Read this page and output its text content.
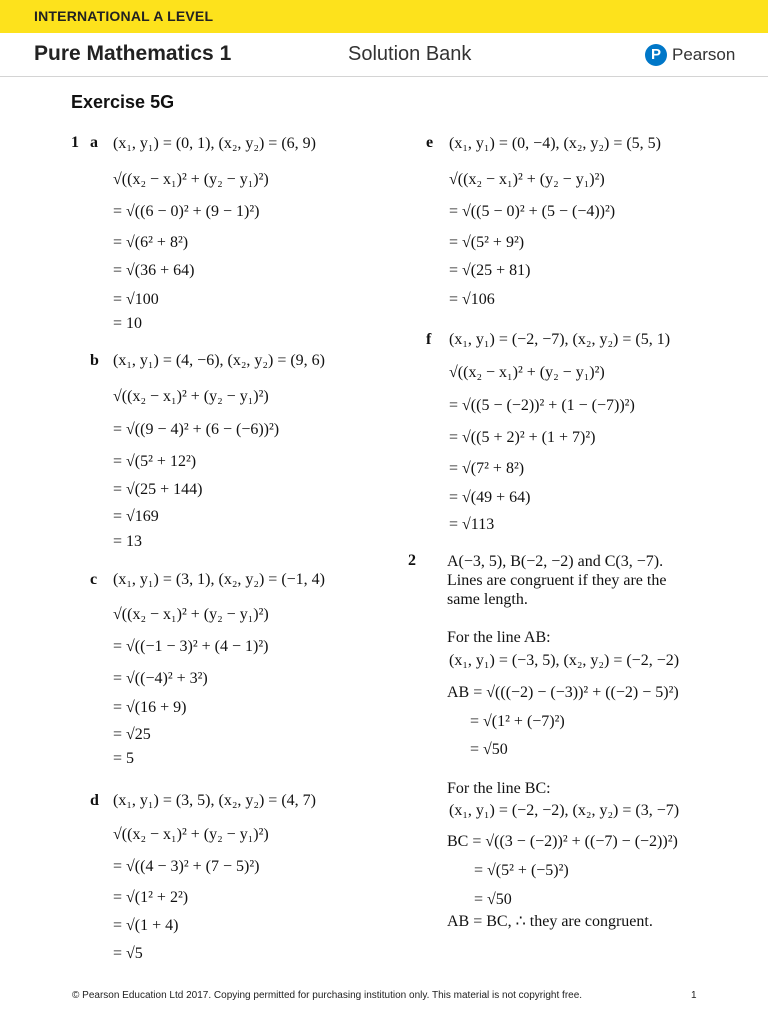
INTERNATIONAL A LEVEL
Pure Mathematics 1	Solution Bank	P Pearson
Exercise 5G
1 a (x₁, y₁) = (0, 1), (x₂, y₂) = (6, 9)
√((x₂ − x₁)² + (y₂ − y₁)²)
= √((6 − 0)² + (9 − 1)²)
= √(6² + 8²)
= √(36 + 64)
= √100
= 10
b (x₁, y₁) = (4, −6), (x₂, y₂) = (9, 6)
√((x₂ − x₁)² + (y₂ − y₁)²)
= √((9 − 4)² + (6 − (−6))²)
= √(5² + 12²)
= √(25 + 144)
= √169
= 13
c (x₁, y₁) = (3, 1), (x₂, y₂) = (−1, 4)
√((x₂ − x₁)² + (y₂ − y₁)²)
= √((−1 − 3)² + (4 − 1)²)
= √((−4)² + 3²)
= √(16 + 9)
= √25
= 5
d (x₁, y₁) = (3, 5), (x₂, y₂) = (4, 7)
√((x₂ − x₁)² + (y₂ − y₁)²)
= √((4 − 3)² + (7 − 5)²)
= √(1² + 2²)
= √(1 + 4)
= √5
e (x₁, y₁) = (0, −4), (x₂, y₂) = (5, 5)
√((x₂ − x₁)² + (y₂ − y₁)²)
= √((5 − 0)² + (5 − (−4))²)
= √(5² + 9²)
= √(25 + 81)
= √106
f (x₁, y₁) = (−2, −7), (x₂, y₂) = (5, 1)
√((x₂ − x₁)² + (y₂ − y₁)²)
= √((5 − (−2))² + (1 − (−7))²)
= √((5 + 2)² + (1 + 7)²)
= √(7² + 8²)
= √(49 + 64)
= √113
2 A(−3, 5), B(−2, −2) and C(3, −7).
Lines are congruent if they are the
same length.
For the line AB:
(x₁, y₁) = (−3, 5), (x₂, y₂) = (−2, −2)
AB = √(((−2) − (−3))² + ((−2) − 5)²)
= √(1² + (−7)²)
= √50
For the line BC:
(x₁, y₁) = (−2, −2), (x₂, y₂) = (3, −7)
BC = √((3 − (−2))² + ((−7) − (−2))²)
= √(5² + (−5)²)
= √50
AB = BC, ∴ they are congruent.
© Pearson Education Ltd 2017. Copying permitted for purchasing institution only. This material is not copyright free.	1
